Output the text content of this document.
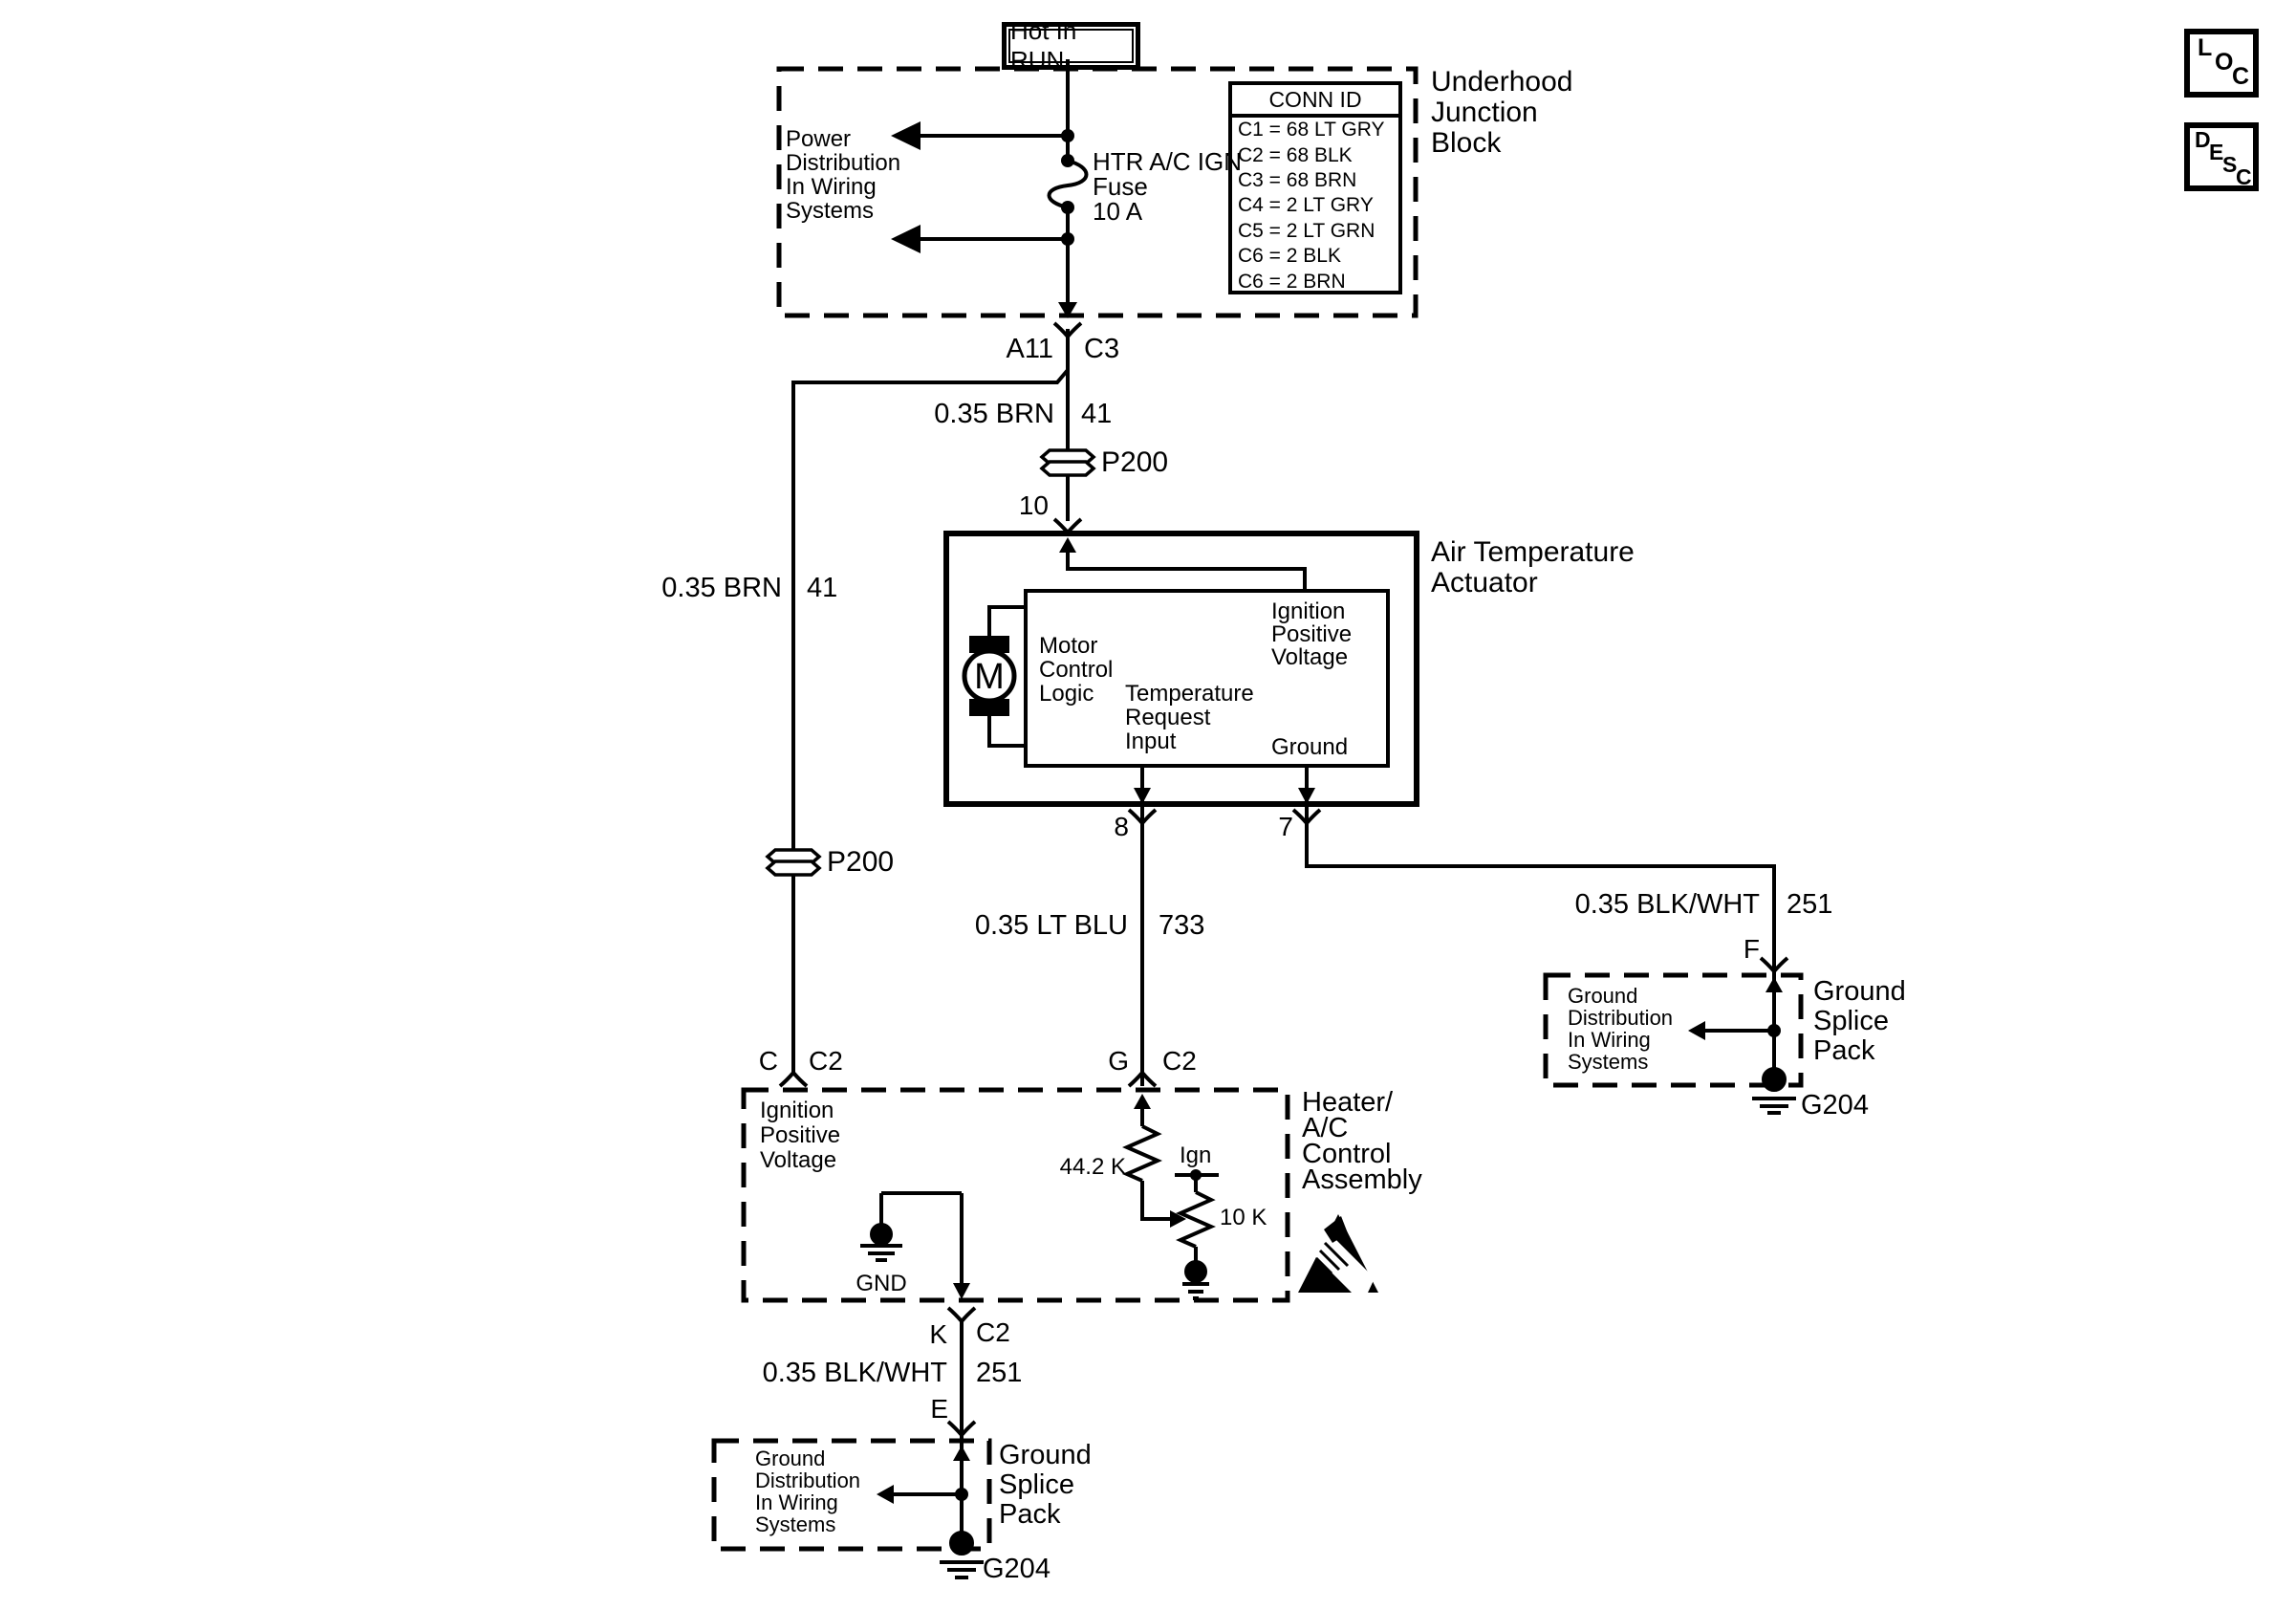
M
Hot In RUN
Power
Distribution
In Wiring
Systems
HTR A/C IGN
Fuse
10 A
CONN ID
C1 = 68 LT GRY
C2 = 68 BLK
C3 = 68 BRN
C4 = 2 LT GRY
C5 = 2 LT GRN
C6 = 2 BLK
C6 = 2 BRN
Underhood
Junction
Block
A11 C3
0.35 BRN 41
P200
10
Air Temperature
Actuator
Motor
Control
Logic Temperature
Request
Input
Ignition
Positive
Voltage
Ground
8	7
0.35 LT BLU 733
0.35 BLK/WHT 251
F
Ground
Distribution
In Wiring
Systems
Ground
Splice
Pack
G204
0.35 BRN 41
P200
C C2	G C2
Ignition
Positive
Voltage	44.2 K Ign
10 K
GND
Heater/
A/C
Control
Assembly
K C2
0.35 BLK/WHT 251
E
Ground
Distribution
In Wiring
Systems
Ground
Splice
Pack
G204
L
O
C
D
E
S
C
